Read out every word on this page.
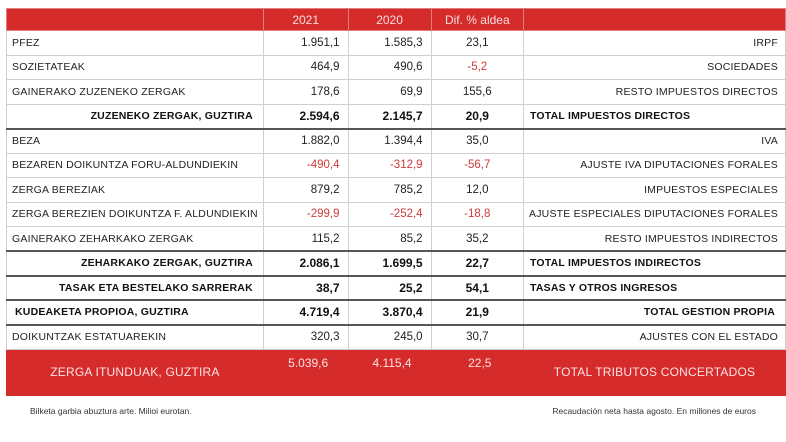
	2021	2020	Dif. % aldea	
PFEZ	1.951,1	1.585,3	23,1	IRPF
SOZIETATEAK	464,9	490,6	-5,2	SOCIEDADES
GAINERAKO ZUZENEKO ZERGAK	178,6	69,9	155,6	RESTO IMPUESTOS DIRECTOS
ZUZENEKO ZERGAK, GUZTIRA	2.594,6	2.145,7	20,9	TOTAL IMPUESTOS DIRECTOS
BEZA	1.882,0	1.394,4	35,0	IVA
BEZAREN DOIKUNTZA FORU-ALDUNDIEKIN	-490,4	-312,9	-56,7	AJUSTE IVA DIPUTACIONES FORALES
ZERGA BEREZIAK	879,2	785,2	12,0	IMPUESTOS ESPECIALES
ZERGA BEREZIEN DOIKUNTZA F. ALDUNDIEKIN	-299,9	-252,4	-18,8	AJUSTE ESPECIALES DIPUTACIONES FORALES
GAINERAKO ZEHARKAKO ZERGAK	115,2	85,2	35,2	RESTO IMPUESTOS INDIRECTOS
ZEHARKAKO ZERGAK, GUZTIRA	2.086,1	1.699,5	22,7	TOTAL IMPUESTOS INDIRECTOS
TASAK ETA BESTELAKO SARRERAK	38,7	25,2	54,1	TASAS Y OTROS INGRESOS
KUDEAKETA PROPIOA, GUZTIRA	4.719,4	3.870,4	21,9	TOTAL GESTION PROPIA
DOIKUNTZAK ESTATUAREKIN	320,3	245,0	30,7	AJUSTES CON EL ESTADO
ZERGA ITUNDUAK, GUZTIRA	5.039,6	4.115,4	22,5	TOTAL TRIBUTOS CONCERTADOS
Bilketa garbia abuztura arte. Milioi eurotan.	Recaudación neta hasta agosto. En millones de euros
